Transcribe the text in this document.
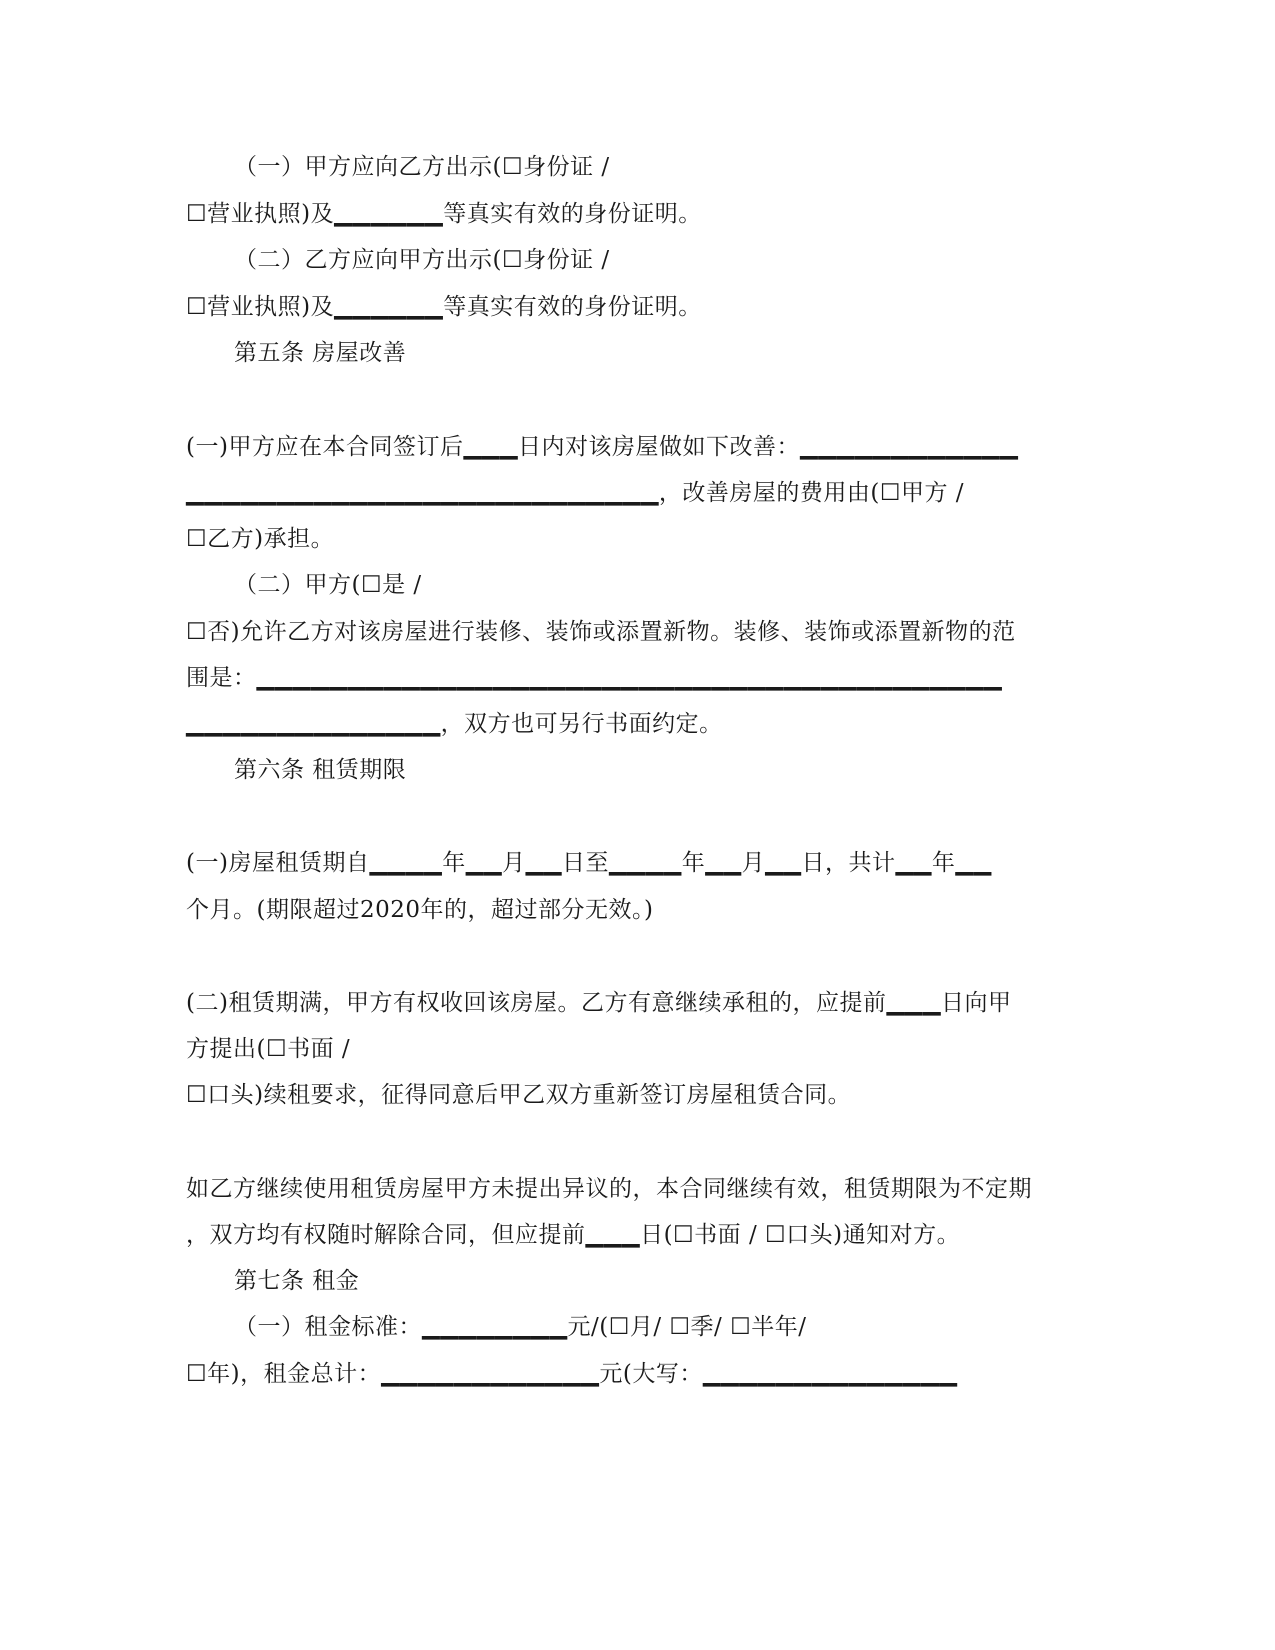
（一）甲方应向乙方出示(☐身份证 /
☐营业执照)及▁▁▁▁▁▁等真实有效的身份证明。
（二）乙方应向甲方出示(☐身份证 /
☐营业执照)及▁▁▁▁▁▁等真实有效的身份证明。
第五条 房屋改善
(一)甲方应在本合同签订后▁▁▁日内对该房屋做如下改善：▁▁▁▁▁▁▁▁▁▁▁▁
▁▁▁▁▁▁▁▁▁▁▁▁▁▁▁▁▁▁▁▁▁▁▁▁▁▁，改善房屋的费用由(☐甲方 /
☐乙方)承担。
（二）甲方(☐是 /
☐否)允许乙方对该房屋进行装修、装饰或添置新物。装修、装饰或添置新物的范
围是：▁▁▁▁▁▁▁▁▁▁▁▁▁▁▁▁▁▁▁▁▁▁▁▁▁▁▁▁▁▁▁▁▁▁▁▁▁▁▁▁▁
▁▁▁▁▁▁▁▁▁▁▁▁▁▁，双方也可另行书面约定。
第六条 租赁期限
(一)房屋租赁期自▁▁▁▁年▁▁月▁▁日至▁▁▁▁年▁▁月▁▁日，共计▁▁年▁▁
个月。(期限超过2020年的，超过部分无效。)
(二)租赁期满，甲方有权收回该房屋。乙方有意继续承租的，应提前▁▁▁日向甲
方提出(☐书面 /
☐口头)续租要求，征得同意后甲乙双方重新签订房屋租赁合同。
如乙方继续使用租赁房屋甲方未提出异议的，本合同继续有效，租赁期限为不定期
，双方均有权随时解除合同，但应提前▁▁▁日(☐书面 / ☐口头)通知对方。
第七条 租金
（一）租金标准：▁▁▁▁▁▁▁▁元/(☐月/ ☐季/ ☐半年/
☐年)，租金总计：▁▁▁▁▁▁▁▁▁▁▁▁元(大写：▁▁▁▁▁▁▁▁▁▁▁▁▁▁
